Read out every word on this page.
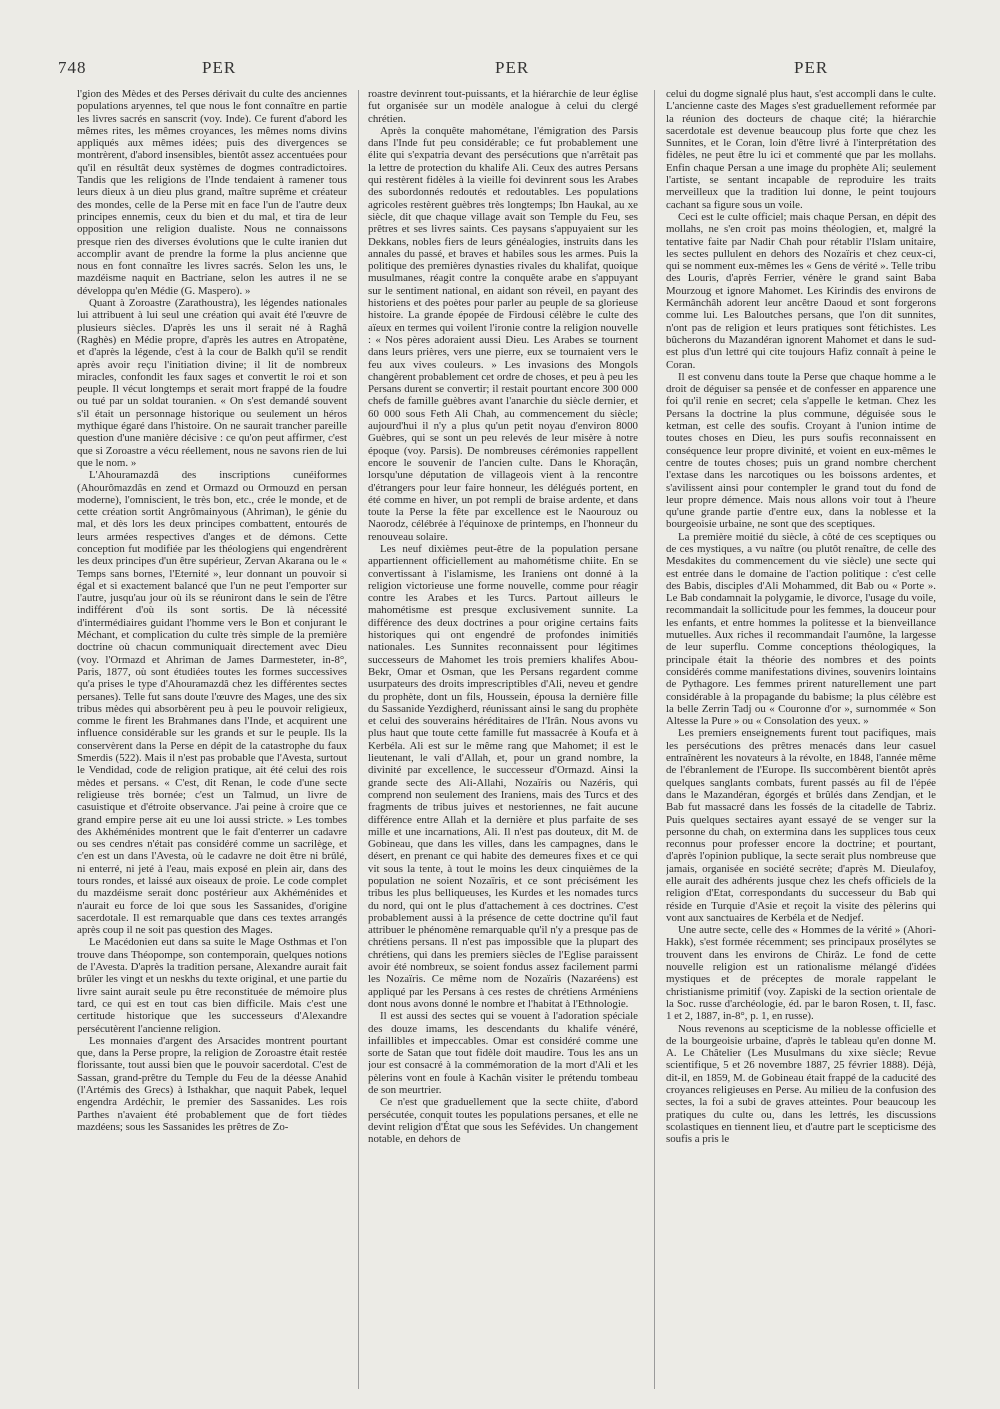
748	PER	PER	PER

l'gion des Mèdes et des Perses dérivait du culte des anciennes populations aryennes, tel que nous le font connaître en partie les livres sacrés en sanscrit (voy. Inde). Ce furent d'abord les mêmes rites, les mêmes croyances, les mêmes noms divins appliqués aux mêmes idées; puis des divergences se montrèrent, d'abord insensibles, bientôt assez accentuées pour qu'il en résultât deux systèmes de dogmes contradictoires. Tandis que les religions de l'Inde tendaient à ramener tous leurs dieux à un dieu plus grand, maître suprême et créateur des mondes, celle de la Perse mit en face l'un de l'autre deux principes ennemis, ceux du bien et du mal, et tira de leur opposition une religion dualiste. Nous ne connaissons presque rien des diverses évolutions que le culte iranien dut accomplir avant de prendre la forme la plus ancienne que nous en font connaître les livres sacrés. Selon les uns, le mazdéisme naquit en Bactriane, selon les autres il ne se développa qu'en Médie (G. Maspero). »

Quant à Zoroastre (Zarathoustra), les légendes nationales lui attribuent à lui seul une création qui avait été l'œuvre de plusieurs siècles. D'après les uns il serait né à Raghâ (Raghès) en Médie propre, d'après les autres en Atropatène, et d'après la légende, c'est à la cour de Balkh qu'il se rendit après avoir reçu l'initiation divine; il lit de nombreux miracles, confondit les faux sages et convertit le roi et son peuple. Il vécut longtemps et serait mort frappé de la foudre ou tué par un soldat touranien. « On s'est demandé souvent s'il était un personnage historique ou seulement un héros mythique égaré dans l'histoire. On ne saurait trancher pareille question d'une manière décisive : ce qu'on peut affirmer, c'est que si Zoroastre a vécu réellement, nous ne savons rien de lui que le nom. »

L'Ahouramazdâ des inscriptions cunéiformes (Ahourômazdâs en zend et Ormazd ou Ormouzd en persan moderne), l'omniscient, le très bon, etc., crée le monde, et de cette création sortit Angrômainyous (Ahriman), le génie du mal, et dès lors les deux principes combattent, entourés de leurs armées respectives d'anges et de démons. Cette conception fut modifiée par les théologiens qui engendrèrent les deux principes d'un être supérieur, Zervan Akarana ou le « Temps sans bornes, l'Eternité », leur donnant un pouvoir si égal et si exactement balancé que l'un ne peut l'emporter sur l'autre, jusqu'au jour où ils se réuniront dans le sein de l'être indifférent d'où ils sont sortis. De là nécessité d'intermédiaires guidant l'homme vers le Bon et conjurant le Méchant, et complication du culte très simple de la première doctrine où chacun communiquait directement avec Dieu (voy. l'Ormazd et Ahriman de James Darmesteter, in-8°, Paris, 1877, où sont étudiées toutes les formes successives qu'a prises le type d'Ahouramazdâ chez les différentes sectes persanes). Telle fut sans doute l'œuvre des Mages, une des six tribus mèdes qui absorbèrent peu à peu le pouvoir religieux, comme le firent les Brahmanes dans l'Inde, et acquirent une influence considérable sur les grands et sur le peuple. Ils la conservèrent dans la Perse en dépit de la catastrophe du faux Smerdis (522). Mais il n'est pas probable que l'Avesta, surtout le Vendidad, code de religion pratique, ait été celui des rois mèdes et persans. « C'est, dit Renan, le code d'une secte religieuse très bornée; c'est un Talmud, un livre de casuistique et d'étroite observance. J'ai peine à croire que ce grand empire perse ait eu une loi aussi stricte. » Les tombes des Akhéménides montrent que le fait d'enterrer un cadavre ou ses cendres n'était pas considéré comme un sacrilège, et c'en est un dans l'Avesta, où le cadavre ne doit être ni brûlé, ni enterré, ni jeté à l'eau, mais exposé en plein air, dans des tours rondes, et laissé aux oiseaux de proie. Le code complet du mazdéisme serait donc postérieur aux Akhéménides et n'aurait eu force de loi que sous les Sassanides, d'origine sacerdotale. Il est remarquable que dans ces textes arrangés après coup il ne soit pas question des Mages.

Le Macédonien eut dans sa suite le Mage Osthmas et l'on trouve dans Théopompe, son contemporain, quelques notions de l'Avesta. D'après la tradition persane, Alexandre aurait fait brûler les vingt et un neskhs du texte original, et une partie du livre saint aurait seule pu être reconstituée de mémoire plus tard, ce qui est en tout cas bien difficile. Mais c'est une certitude historique que les successeurs d'Alexandre persécutèrent l'ancienne religion.

Les monnaies d'argent des Arsacides montrent pourtant que, dans la Perse propre, la religion de Zoroastre était restée florissante, tout aussi bien que le pouvoir sacerdotal. C'est de Sassan, grand-prêtre du Temple du Feu de la déesse Anahid (l'Artémis des Grecs) à Isthakhar, que naquit Pabek, lequel engendra Ardéchir, le premier des Sassanides. Les rois Parthes n'avaient été probablement que de fort tièdes mazdéens; sous les Sassanides les prêtres de Zo-

roastre devinrent tout-puissants, et la hiérarchie de leur église fut organisée sur un modèle analogue à celui du clergé chrétien.

Après la conquête mahométane, l'émigration des Parsis dans l'Inde fut peu considérable; ce fut probablement une élite qui s'expatria devant des persécutions que n'arrêtait pas la lettre de protection du khalife Ali. Ceux des autres Persans qui restèrent fidèles à la vieille foi devinrent sous les Arabes des subordonnés redoutés et redoutables. Les populations agricoles restèrent guèbres très longtemps; Ibn Haukal, au xe siècle, dit que chaque village avait son Temple du Feu, ses prêtres et ses livres saints. Ces paysans s'appuyaient sur les Dekkans, nobles fiers de leurs généalogies, instruits dans les annales du passé, et braves et habiles sous les armes. Puis la politique des premières dynasties rivales du khalifat, quoique musulmanes, réagit contre la conquête arabe en s'appuyant sur le sentiment national, en aidant son réveil, en payant des historiens et des poètes pour parler au peuple de sa glorieuse histoire. La grande épopée de Firdousi célèbre le culte des aïeux en termes qui voilent l'ironie contre la religion nouvelle : « Nos pères adoraient aussi Dieu. Les Arabes se tournent dans leurs prières, vers une pierre, eux se tournaient vers le feu aux vives couleurs. » Les invasions des Mongols changèrent probablement cet ordre de choses, et peu à peu les Persans durent se convertir; il restait pourtant encore 300 000 chefs de famille guèbres avant l'anarchie du siècle dernier, et 60 000 sous Feth Ali Chah, au commencement du siècle; aujourd'hui il n'y a plus qu'un petit noyau d'environ 8000 Guèbres, qui se sont un peu relevés de leur misère à notre époque (voy. Parsis). De nombreuses cérémonies rappellent encore le souvenir de l'ancien culte. Dans le Khoraçân, lorsqu'une députation de villageois vient à la rencontre d'étrangers pour leur faire honneur, les délégués portent, en été comme en hiver, un pot rempli de braise ardente, et dans toute la Perse la fête par excellence est le Naourouz ou Naorodz, célébrée à l'équinoxe de printemps, en l'honneur du renouveau solaire.

Les neuf dixièmes peut-être de la population persane appartiennent officiellement au mahométisme chiite. En se convertissant à l'islamisme, les Iraniens ont donné à la religion victorieuse une forme nouvelle, comme pour réagir contre les Arabes et les Turcs. Partout ailleurs le mahométisme est presque exclusivement sunnite. La différence des deux doctrines a pour origine certains faits historiques qui ont engendré de profondes inimitiés nationales. Les Sunnites reconnaissent pour légitimes successeurs de Mahomet les trois premiers khalifes Abou-Bekr, Omar et Osman, que les Persans regardent comme usurpateurs des droits imprescriptibles d'Ali, neveu et gendre du prophète, dont un fils, Houssein, épousa la dernière fille du Sassanide Yezdigherd, réunissant ainsi le sang du prophète et celui des souverains héréditaires de l'Irân. Nous avons vu plus haut que toute cette famille fut massacrée à Koufa et à Kerbéla. Ali est sur le même rang que Mahomet; il est le lieutenant, le vali d'Allah, et, pour un grand nombre, la divinité par excellence, le successeur d'Ormazd. Ainsi la grande secte des Ali-Allahi, Nozaïris ou Nazéris, qui comprend non seulement des Iraniens, mais des Turcs et des fragments de tribus juives et nestoriennes, ne fait aucune différence entre Allah et la dernière et plus parfaite de ses mille et une incarnations, Ali. Il n'est pas douteux, dit M. de Gobineau, que dans les villes, dans les campagnes, dans le désert, en prenant ce qui habite des demeures fixes et ce qui vit sous la tente, à tout le moins les deux cinquièmes de la population ne soient Nozaïris, et ce sont précisément les tribus les plus belliqueuses, les Kurdes et les nomades turcs du nord, qui ont le plus d'attachement à ces doctrines. C'est probablement aussi à la présence de cette doctrine qu'il faut attribuer le phénomène remarquable qu'il n'y a presque pas de chrétiens persans. Il n'est pas impossible que la plupart des chrétiens, qui dans les premiers siècles de l'Eglise paraissent avoir été nombreux, se soient fondus assez facilement parmi les Nozaïris. Ce même nom de Nozaïris (Nazaréens) est appliqué par les Persans à ces restes de chrétiens Arméniens dont nous avons donné le nombre et l'habitat à l'Ethnologie.

Il est aussi des sectes qui se vouent à l'adoration spéciale des douze imams, les descendants du khalife vénéré, infaillibles et impeccables. Omar est considéré comme une sorte de Satan que tout fidèle doit maudire. Tous les ans un jour est consacré à la commémoration de la mort d'Ali et les pèlerins vont en foule à Kachân visiter le prétendu tombeau de son meurtrier.

Ce n'est que graduellement que la secte chiite, d'abord persécutée, conquit toutes les populations persanes, et elle ne devint religion d'État que sous les Sefévides. Un changement notable, en dehors de

celui du dogme signalé plus haut, s'est accompli dans le culte. L'ancienne caste des Mages s'est graduellement reformée par la réunion des docteurs de chaque cité; la hiérarchie sacerdotale est devenue beaucoup plus forte que chez les Sunnites, et le Coran, loin d'être livré à l'interprétation des fidèles, ne peut être lu ici et commenté que par les mollahs. Enfin chaque Persan a une image du prophète Ali; seulement l'artiste, se sentant incapable de reproduire les traits merveilleux que la tradition lui donne, le peint toujours cachant sa figure sous un voile.

Ceci est le culte officiel; mais chaque Persan, en dépit des mollahs, ne s'en croit pas moins théologien, et, malgré la tentative faite par Nadir Chah pour rétablir l'Islam unitaire, les sectes pullulent en dehors des Nozaïris et chez ceux-ci, qui se nomment eux-mêmes les « Gens de vérité ». Telle tribu des Louris, d'après Ferrier, vénère le grand saint Baba Mourzoug et ignore Mahomet. Les Kirindis des environs de Kermânchâh adorent leur ancêtre Daoud et sont forgerons comme lui. Les Baloutches persans, que l'on dit sunnites, n'ont pas de religion et leurs pratiques sont fétichistes. Les bûcherons du Mazandéran ignorent Mahomet et dans le sud-est plus d'un lettré qui cite toujours Hafiz connaît à peine le Coran.

Il est convenu dans toute la Perse que chaque homme a le droit de déguiser sa pensée et de confesser en apparence une foi qu'il renie en secret; cela s'appelle le ketman. Chez les Persans la doctrine la plus commune, déguisée sous le ketman, est celle des soufis. Croyant à l'union intime de toutes choses en Dieu, les purs soufis reconnaissent en conséquence leur propre divinité, et voient en eux-mêmes le centre de toutes choses; puis un grand nombre cherchent l'extase dans les narcotiques ou les boissons ardentes, et s'avilissent ainsi pour contempler le grand tout du fond de leur propre démence. Mais nous allons voir tout à l'heure qu'une grande partie d'entre eux, dans la noblesse et la bourgeoisie urbaine, ne sont que des sceptiques.

La première moitié du siècle, à côté de ces sceptiques ou de ces mystiques, a vu naître (ou plutôt renaître, de celle des Mesdakites du commencement du vie siècle) une secte qui est entrée dans le domaine de l'action politique : c'est celle des Babis, disciples d'Ali Mohammed, dit Bab ou « Porte ». Le Bab condamnait la polygamie, le divorce, l'usage du voile, recommandait la sollicitude pour les femmes, la douceur pour les enfants, et entre hommes la politesse et la bienveillance mutuelles. Aux riches il recommandait l'aumône, la largesse de leur superflu. Comme conceptions théologiques, la principale était la théorie des nombres et des points considérés comme manifestations divines, souvenirs lointains de Pythagore. Les femmes prirent naturellement une part considérable à la propagande du babisme; la plus célèbre est la belle Zerrin Tadj ou « Couronne d'or », surnommée « Son Altesse la Pure » ou « Consolation des yeux. »

Les premiers enseignements furent tout pacifiques, mais les persécutions des prêtres menacés dans leur casuel entraînèrent les novateurs à la révolte, en 1848, l'année même de l'ébranlement de l'Europe. Ils succombèrent bientôt après quelques sanglants combats, furent passés au fil de l'épée dans le Mazandéran, égorgés et brûlés dans Zendjan, et le Bab fut massacré dans les fossés de la citadelle de Tabriz. Puis quelques sectaires ayant essayé de se venger sur la personne du chah, on extermina dans les supplices tous ceux reconnus pour professer encore la doctrine; et pourtant, d'après l'opinion publique, la secte serait plus nombreuse que jamais, organisée en société secrète; d'après M. Dieulafoy, elle aurait des adhérents jusque chez les chefs officiels de la religion d'Etat, correspondants du successeur du Bab qui réside en Turquie d'Asie et reçoit la visite des pèlerins qui vont aux sanctuaires de Kerbéla et de Nedjef.

Une autre secte, celle des « Hommes de la vérité » (Ahori-Hakk), s'est formée récemment; ses principaux prosélytes se trouvent dans les environs de Chirâz. Le fond de cette nouvelle religion est un rationalisme mélangé d'idées mystiques et de préceptes de morale rappelant le christianisme primitif (voy. Zapiski de la section orientale de la Soc. russe d'archéologie, éd. par le baron Rosen, t. II, fasc. 1 et 2, 1887, in-8°, p. 1, en russe).

Nous revenons au scepticisme de la noblesse officielle et de la bourgeoisie urbaine, d'après le tableau qu'en donne M. A. Le Châtelier (Les Musulmans du xixe siècle; Revue scientifique, 5 et 26 novembre 1887, 25 février 1888). Déjà, dit-il, en 1859, M. de Gobineau était frappé de la caducité des croyances religieuses en Perse. Au milieu de la confusion des sectes, la foi a subi de graves atteintes. Pour beaucoup les pratiques du culte ou, dans les lettrés, les discussions scolastiques en tiennent lieu, et d'autre part le scepticisme des soufis a pris le
